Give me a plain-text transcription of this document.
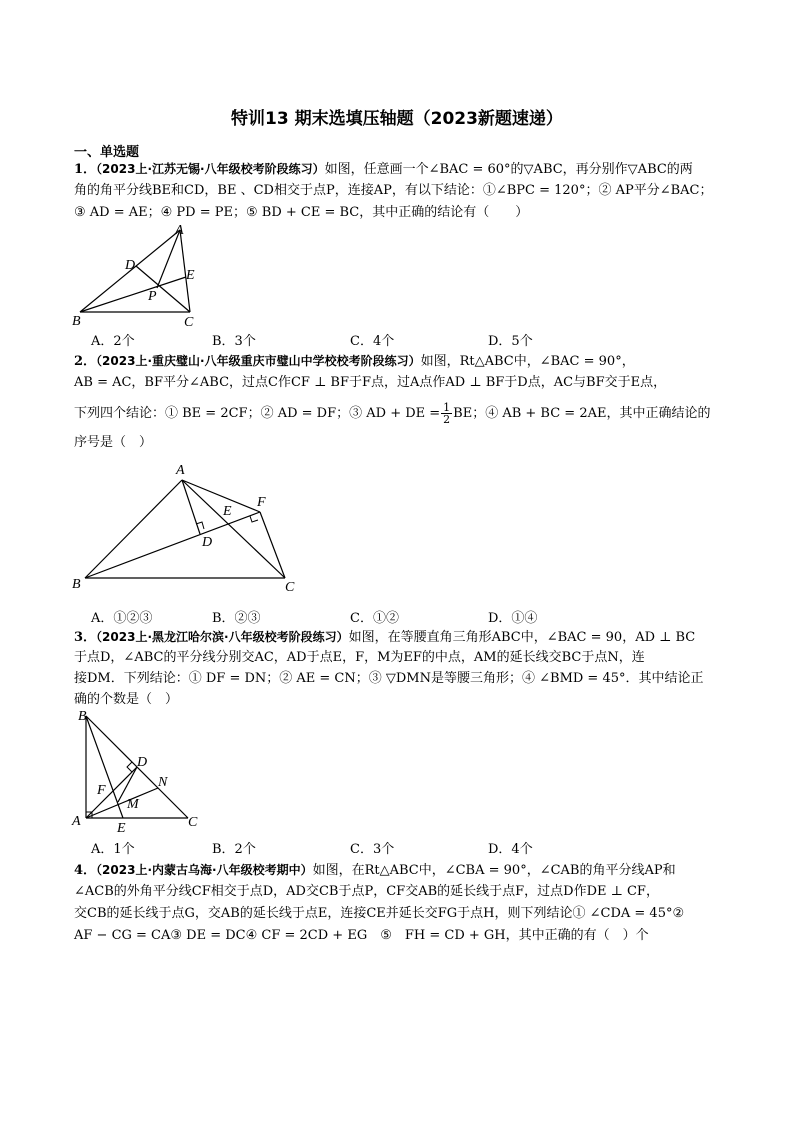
特训13 期末选填压轴题（2023新题速递）
一、单选题
1．（2023上·江苏无锡·八年级校考阶段练习）如图，任意画一个∠BAC = 60°的▽ABC，再分别作▽ABC的两
角的角平分线BE和CD，BE 、CD相交于点P，连接AP，有以下结论：①∠BPC = 120°；② AP平分∠BAC；
③ AD = AE；④ PD = PE；⑤ BD + CE = BC，其中正确的结论有（　　）
A
D
E
P
B	C
A．2个	B．3个	C．4个	D．5个
2．（2023上·重庆璧山·八年级重庆市璧山中学校校考阶段练习）如图，Rt△ABC中，∠BAC = 90°，
AB = AC，BF平分∠ABC，过点C作CF ⊥ BF于F点，过A点作AD ⊥ BF于D点，AC与BF交于E点，
下列四个结论：① BE = 2CF；② AD = DF；③ AD + DE = $\frac{1}{2}$ BE；④ AB + BC = 2AE，其中正确结论的
序号是（　）
A
F
E
D
B	C
A．①②③	B．②③	C．①②	D．①④
3．（2023上·黑龙江哈尔滨·八年级校考阶段练习）如图，在等腰直角三角形ABC中，∠BAC = 90，AD ⊥ BC
于点D，∠ABC的平分线分别交AC，AD于点E，F，M为EF的中点，AM的延长线交BC于点N，连
接DM．下列结论：① DF = DN；② AE = CN；③ ▽DMN是等腰三角形；④ ∠BMD = 45°．其中结论正
确的个数是（　）
B
D
N
F
M
A	E	C
A．1个	B．2个	C．3个	D．4个
4．（2023上·内蒙古乌海·八年级校考期中）如图，在Rt△ABC中，∠CBA = 90°，∠CAB的角平分线AP和
∠ACB的外角平分线CF相交于点D，AD交CB于点P，CF交AB的延长线于点F，过点D作DE ⊥ CF，
交CB的延长线于点G，交AB的延长线于点E，连接CE并延长交FG于点H，则下列结论① ∠CDA = 45°②
AF − CG = CA③ DE = DC④ CF = 2CD + EG　⑤　FH = CD + GH，其中正确的有（　）个
